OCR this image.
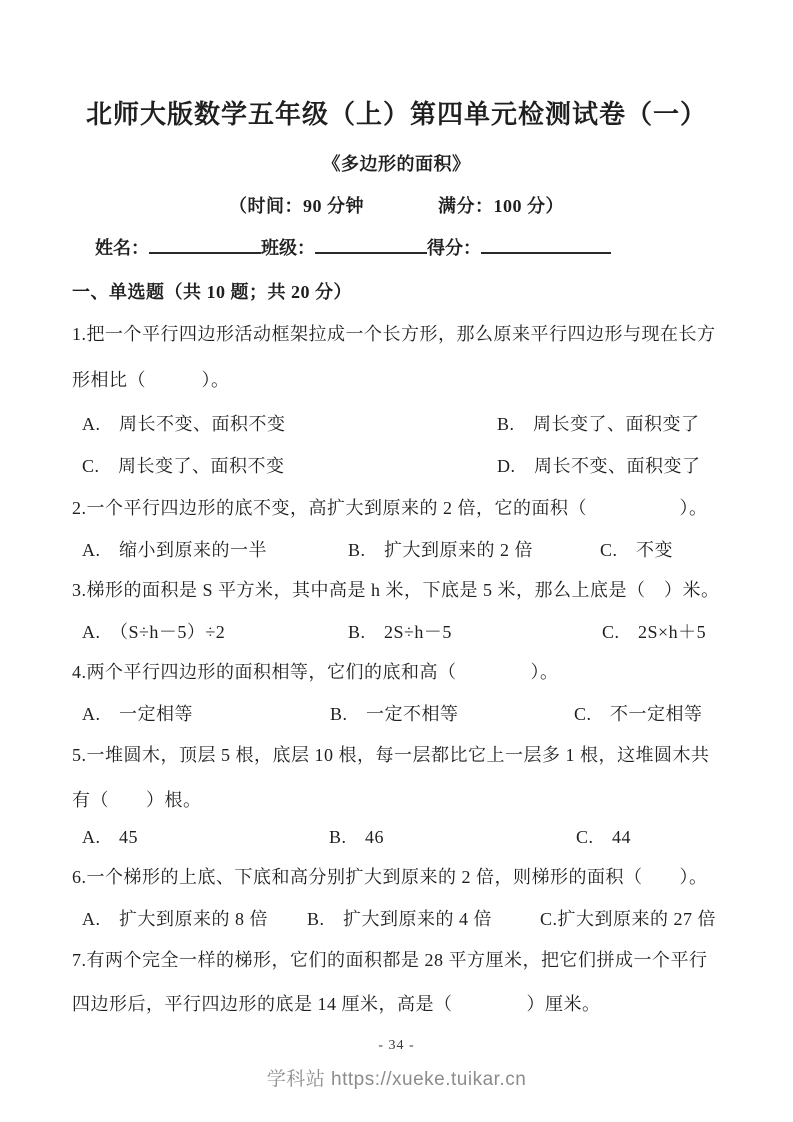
北师大版数学五年级（上）第四单元检测试卷（一）
《多边形的面积》
（时间：90 分钟　　　　满分：100 分）
姓名：	班级：	得分：
一、单选题（共 10 题；共 20 分）
1.把一个平行四边形活动框架拉成一个长方形，那么原来平行四边形与现在长方
形相比（　　　）。
A.　周长不变、面积不变	B.　周长变了、面积变了
C.　周长变了、面积不变	D.　周长不变、面积变了
2.一个平行四边形的底不变，高扩大到原来的 2 倍，它的面积（　　　　　）。
A.　缩小到原来的一半	B.　扩大到原来的 2 倍	C.　不变
3.梯形的面积是 S 平方米，其中高是 h 米，下底是 5 米，那么上底是（　）米。
A.　（S÷h－5）÷2	B.　2S÷h－5	C.　2S×h＋5
4.两个平行四边形的面积相等，它们的底和高（　　　　）。
A.　一定相等	B.　一定不相等	C.　不一定相等
5.一堆圆木，顶层 5 根，底层 10 根，每一层都比它上一层多 1 根，这堆圆木共
有（　　）根。
A.　45	B.　46	C.　44
6.一个梯形的上底、下底和高分别扩大到原来的 2 倍，则梯形的面积（　　）。
A.　扩大到原来的 8 倍 B.　扩大到原来的 4 倍	C.扩大到原来的 27 倍
7.有两个完全一样的梯形，它们的面积都是 28 平方厘米，把它们拼成一个平行
四边形后，平行四边形的底是 14 厘米，高是（　　　　）厘米。
- 34 -
学科站 https://xueke.tuikar.cn
